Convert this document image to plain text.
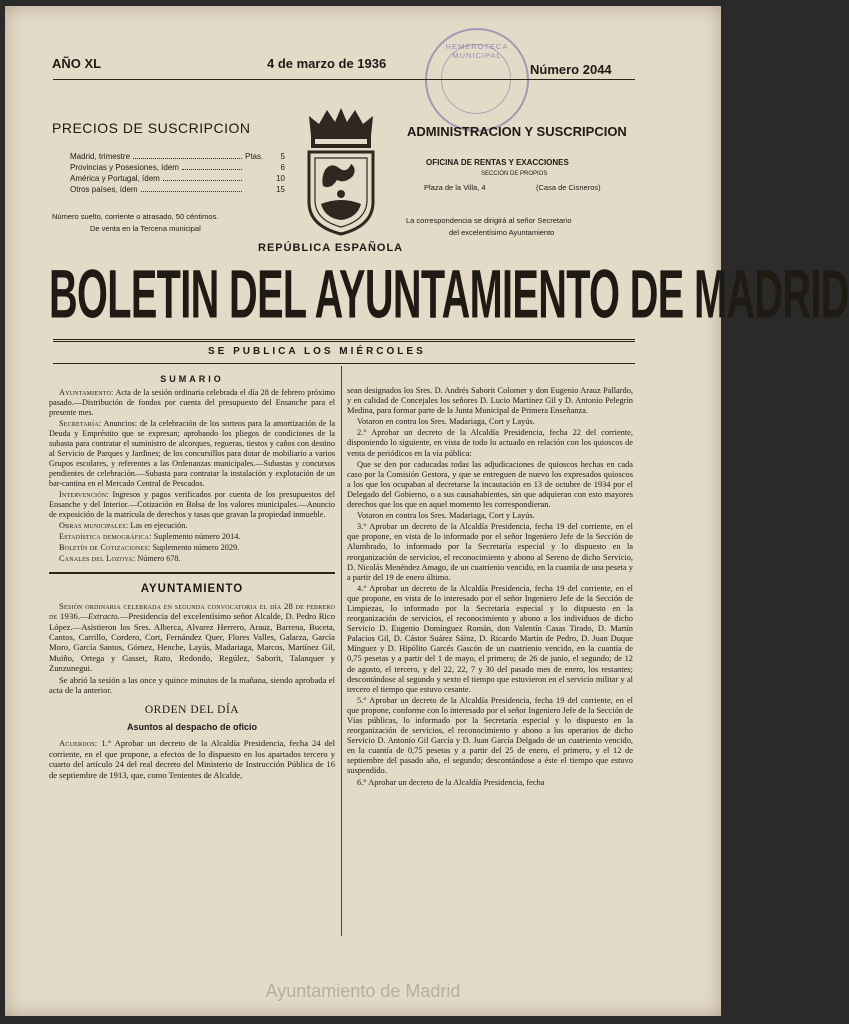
HEMEROTECA MUNICIPAL
AÑO XL	4 de marzo de 1936	Número 2044
PRECIOS DE SUSCRIPCION
Madrid, trimestre	Ptas.	5
Provincias y Posesiones, ídem	6
América y Portugal, ídem	10
Otros países, ídem	15
Número suelto, corriente o atrasado, 50 céntimos.
De venta en la Tercena municipal
ADMINISTRACION Y SUSCRIPCION
OFICINA DE RENTAS Y EXACCIONES
SECCIÓN DE PROPIOS
Plaza de la Villa, 4	(Casa de Cisneros)
La correspondencia se dirigirá al señor Secretario
del excelentísimo Ayuntamiento
REPÚBLICA ESPAÑOLA
BOLETIN DEL AYUNTAMIENTO DE MADRID
SE PUBLICA LOS MIÉRCOLES
SUMARIO

Ayuntamiento: Acta de la sesión ordinaria celebrada el día 28 de febrero próximo pasado.—Distribución de fondos por cuenta del presupuesto del Ensanche para el presente mes.

Secretaría: Anuncios: de la celebración de los sorteos para la amortización de la Deuda y Empréstito que se expresan; aprobando los pliegos de condiciones de la subasta para contratar el suministro de alcorques, regueras, tiestos y caños con destino al Servicio de Parques y Jardines; de los concursillos para dotar de mobiliario a varios Grupos escolares, y referentes a las Ordenanzas municipales.—Subastas y concursos pendientes de celebración.—Subasta para contratar la instalación y explotación de un bar-cantina en el Mercado Central de Pescados.

Intervención: Ingresos y pagos verificados por cuenta de los presupuestos del Ensanche y del Interior.—Cotización en Bolsa de los valores municipales.—Anuncio de exposición de la matrícula de derechos y tasas que gravan la propiedad inmueble.

Obras municipales: Las en ejecución.

Estadística demográfica: Suplemento número 2014.

Boletín de Cotizaciones: Suplemento número 2029.

Canales del Lozoya: Número 678.

AYUNTAMIENTO

Sesión ordinaria celebrada en segunda convocatoria el día 28 de febrero de 1936.—Extracto.—Presidencia del excelentísimo señor Alcalde, D. Pedro Rico López.—Asistieron los Sres. Alberca, Alvarez Herrero, Arauz, Barrena, Buceta, Cantos, Carrillo, Cordero, Cort, Fernández Quer, Flores Valles, Galarza, García Moro, García Santos, Gómez, Henche, Layús, Madariaga, Marcos, Martínez Gil, Muiño, Ortega y Gasset, Rato, Redondo, Regúlez, Saborit, Talanquer y Zunzunegui.

Se abrió la sesión a las once y quince minutos de la mañana, siendo aprobada el acta de la anterior.

ORDEN DEL DÍA
Asuntos al despacho de oficio

Acuerdos: 1.° Aprobar un decreto de la Alcaldía Presidencia, fecha 24 del corriente, en el que propone, a efectos de lo dispuesto en los apartados tercero y cuarto del artículo 24 del real decreto del Ministerio de Instrucción Pública de 16 de septiembre de 1913, que, como Tenientes de Alcalde,

sean designados los Sres. D. Andrés Saborit Colomer y don Eugenio Arauz Pallardo, y en calidad de Concejales los señores D. Lucio Martínez Gil y D. Antonio Pelegrín Medina, para formar parte de la Junta Municipal de Primera Enseñanza.

Votaron en contra los Sres. Madariaga, Cort y Layús.

2.° Aprobar un decreto de la Alcaldía Presidencia, fecha 22 del corriente, disponiendo lo siguiente, en vista de todo lo actuado en relación con los quioscos de venta de periódicos en la vía pública:

Que se den por caducadas todas las adjudicaciones de quioscos hechas en cada caso por la Comisión Gestora, y que se entreguen de nuevo los expresados quioscos a los que los ocupaban al decretarse la incautación en 13 de octubre de 1934 por el Delegado del Gobierno, o a sus causahabientes, sin que adquieran con esto mayores derechos que los que en aquel momento les correspondieran.

Votaron en contra los Sres. Madariaga, Cort y Layús.

3.° Aprobar un decreto de la Alcaldía Presidencia, fecha 19 del corriente, en el que propone, en vista de lo informado por el señor Ingeniero Jefe de la Sección de Alumbrado, lo informado por la Secretaría especial y lo dispuesto en la reorganización de servicios, el reconocimiento y abono al Sereno de dicho Servicio, D. Nicolás Menéndez Amago, de un cuatrienio vencido, en la cuantía de una peseta y a partir del 19 de enero último.

4.° Aprobar un decreto de la Alcaldía Presidencia, fecha 19 del corriente, en el que propone, en vista de lo interesado por el señor Ingeniero Jefe de la Sección de Limpiezas, lo informado por la Secretaría especial y lo dispuesto en la reorganización de servicios, el reconocimiento y abono a los individuos de dicho Servicio D. Eugenio Domínguez Román, don Valentín Casas Tirado, D. Martín Palacios Gil, D. Cástor Suárez Sáinz, D. Ricardo Martín de Pedro, D. Juan Duque Mínguez y D. Hipólito Garcés Gascón de un cuatrienio vencido, en la cuantía de 0,75 pesetas y a partir del 1 de mayo, el primero; de 26 de junio, el segundo; de 12 de agosto, el tercero, y del 22, 22, 7 y 30 del pasado mes de enero, los restantes; descontándose al segundo y sexto el tiempo que estuvieron en el servicio militar y al tercero el tiempo que estuvo cesante.

5.° Aprobar un decreto de la Alcaldía Presidencia, fecha 19 del corriente, en el que propone, conforme con lo interesado por el señor Ingeniero Jefe de la Sección de Vías públicas, lo informado por la Secretaría especial y lo dispuesto en la reorganización de servicios, el reconocimiento y abono a los operarios de dicho Servicio D. Antonio Gil García y D. Juan García Delgado de un cuatrienio vencido, en la cuantía de 0,75 pesetas y a partir del 25 de enero, el primero, y el 12 de septiembre del pasado año, el segundo; descontándose a éste el tiempo que estuvo suspendido.

6.° Aprobar un decreto de la Alcaldía Presidencia, fecha

Ayuntamiento de Madrid
